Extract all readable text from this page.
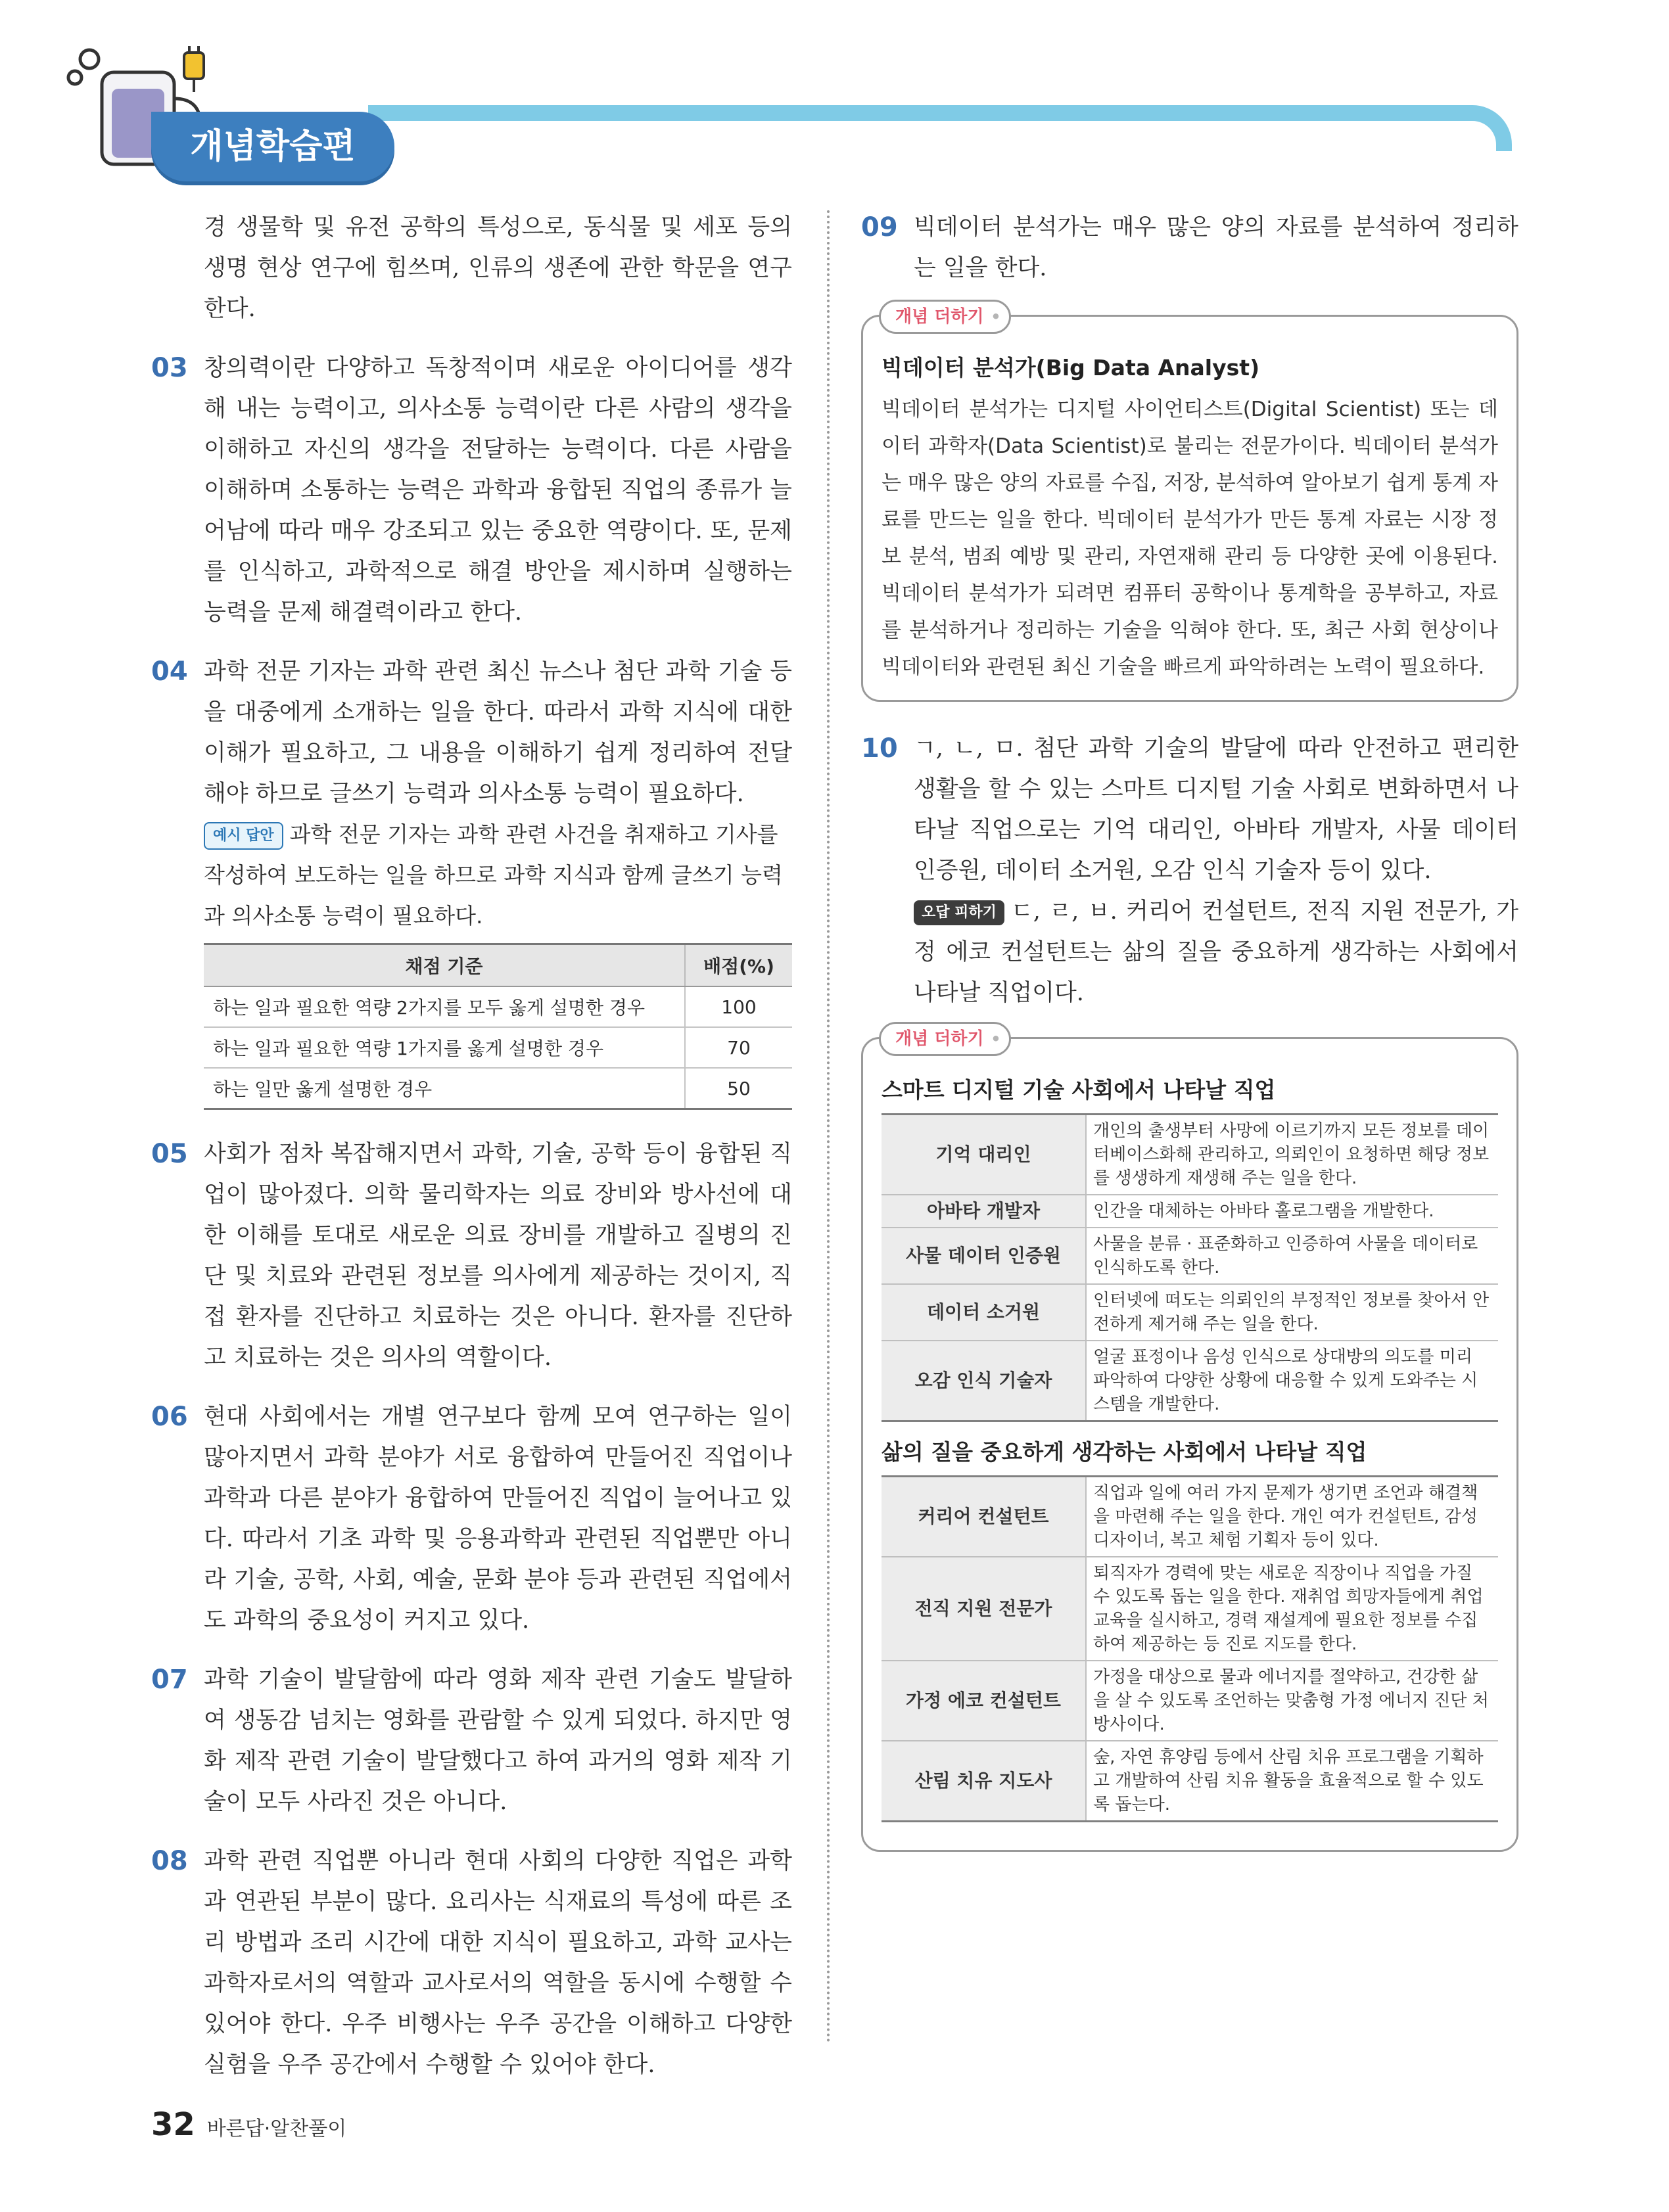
개념학습편
경 생물학 및 유전 공학의 특성으로, 동식물 및 세포 등의 생명 현상 연구에 힘쓰며, 인류의 생존에 관한 학문을 연구한다.
03 창의력이란 다양하고 독창적이며 새로운 아이디어를 생각해 내는 능력이고, 의사소통 능력이란 다른 사람의 생각을 이해하고 자신의 생각을 전달하는 능력이다. 다른 사람을 이해하며 소통하는 능력은 과학과 융합된 직업의 종류가 늘어남에 따라 매우 강조되고 있는 중요한 역량이다. 또, 문제를 인식하고, 과학적으로 해결 방안을 제시하며 실행하는 능력을 문제 해결력이라고 한다.
04 과학 전문 기자는 과학 관련 최신 뉴스나 첨단 과학 기술 등을 대중에게 소개하는 일을 한다. 따라서 과학 지식에 대한 이해가 필요하고, 그 내용을 이해하기 쉽게 정리하여 전달해야 하므로 글쓰기 능력과 의사소통 능력이 필요하다.
예시 답안 과학 전문 기자는 과학 관련 사건을 취재하고 기사를 작성하여 보도하는 일을 하므로 과학 지식과 함께 글쓰기 능력과 의사소통 능력이 필요하다.
채점 기준	배점(%)
하는 일과 필요한 역량 2가지를 모두 옳게 설명한 경우	100
하는 일과 필요한 역량 1가지를 옳게 설명한 경우	70
하는 일만 옳게 설명한 경우	50
05 사회가 점차 복잡해지면서 과학, 기술, 공학 등이 융합된 직업이 많아졌다. 의학 물리학자는 의료 장비와 방사선에 대한 이해를 토대로 새로운 의료 장비를 개발하고 질병의 진단 및 치료와 관련된 정보를 의사에게 제공하는 것이지, 직접 환자를 진단하고 치료하는 것은 아니다. 환자를 진단하고 치료하는 것은 의사의 역할이다.
06 현대 사회에서는 개별 연구보다 함께 모여 연구하는 일이 많아지면서 과학 분야가 서로 융합하여 만들어진 직업이나 과학과 다른 분야가 융합하여 만들어진 직업이 늘어나고 있다. 따라서 기초 과학 및 응용과학과 관련된 직업뿐만 아니라 기술, 공학, 사회, 예술, 문화 분야 등과 관련된 직업에서도 과학의 중요성이 커지고 있다.
07 과학 기술이 발달함에 따라 영화 제작 관련 기술도 발달하여 생동감 넘치는 영화를 관람할 수 있게 되었다. 하지만 영화 제작 관련 기술이 발달했다고 하여 과거의 영화 제작 기술이 모두 사라진 것은 아니다.
08 과학 관련 직업뿐 아니라 현대 사회의 다양한 직업은 과학과 연관된 부분이 많다. 요리사는 식재료의 특성에 따른 조리 방법과 조리 시간에 대한 지식이 필요하고, 과학 교사는 과학자로서의 역할과 교사로서의 역할을 동시에 수행할 수 있어야 한다. 우주 비행사는 우주 공간을 이해하고 다양한 실험을 우주 공간에서 수행할 수 있어야 한다.
09 빅데이터 분석가는 매우 많은 양의 자료를 분석하여 정리하는 일을 한다.
개념 더하기 •
빅데이터 분석가(Big Data Analyst)
빅데이터 분석가는 디지털 사이언티스트(Digital Scientist) 또는 데이터 과학자(Data Scientist)로 불리는 전문가이다. 빅데이터 분석가는 매우 많은 양의 자료를 수집, 저장, 분석하여 알아보기 쉽게 통계 자료를 만드는 일을 한다. 빅데이터 분석가가 만든 통계 자료는 시장 정보 분석, 범죄 예방 및 관리, 자연재해 관리 등 다양한 곳에 이용된다. 빅데이터 분석가가 되려면 컴퓨터 공학이나 통계학을 공부하고, 자료를 분석하거나 정리하는 기술을 익혀야 한다. 또, 최근 사회 현상이나 빅데이터와 관련된 최신 기술을 빠르게 파악하려는 노력이 필요하다.
10 ㄱ, ㄴ, ㅁ. 첨단 과학 기술의 발달에 따라 안전하고 편리한 생활을 할 수 있는 스마트 디지털 기술 사회로 변화하면서 나타날 직업으로는 기억 대리인, 아바타 개발자, 사물 데이터 인증원, 데이터 소거원, 오감 인식 기술자 등이 있다.
오답 피하기 ㄷ, ㄹ, ㅂ. 커리어 컨설턴트, 전직 지원 전문가, 가정 에코 컨설턴트는 삶의 질을 중요하게 생각하는 사회에서 나타날 직업이다.
개념 더하기 •
스마트 디지털 기술 사회에서 나타날 직업
기억 대리인	개인의 출생부터 사망에 이르기까지 모든 정보를 데이터베이스화해 관리하고, 의뢰인이 요청하면 해당 정보를 생생하게 재생해 주는 일을 한다.
아바타 개발자	인간을 대체하는 아바타 홀로그램을 개발한다.
사물 데이터 인증원	사물을 분류 · 표준화하고 인증하여 사물을 데이터로 인식하도록 한다.
데이터 소거원	인터넷에 떠도는 의뢰인의 부정적인 정보를 찾아서 안전하게 제거해 주는 일을 한다.
오감 인식 기술자	얼굴 표정이나 음성 인식으로 상대방의 의도를 미리 파악하여 다양한 상황에 대응할 수 있게 도와주는 시스템을 개발한다.
삶의 질을 중요하게 생각하는 사회에서 나타날 직업
커리어 컨설턴트	직업과 일에 여러 가지 문제가 생기면 조언과 해결책을 마련해 주는 일을 한다. 개인 여가 컨설턴트, 감성 디자이너, 복고 체험 기획자 등이 있다.
전직 지원 전문가	퇴직자가 경력에 맞는 새로운 직장이나 직업을 가질 수 있도록 돕는 일을 한다. 재취업 희망자들에게 취업 교육을 실시하고, 경력 재설계에 필요한 정보를 수집하여 제공하는 등 진로 지도를 한다.
가정 에코 컨설턴트	가정을 대상으로 물과 에너지를 절약하고, 건강한 삶을 살 수 있도록 조언하는 맞춤형 가정 에너지 진단 처방사이다.
산림 치유 지도사	숲, 자연 휴양림 등에서 산림 치유 프로그램을 기획하고 개발하여 산림 치유 활동을 효율적으로 할 수 있도록 돕는다.
32 바른답·알찬풀이
